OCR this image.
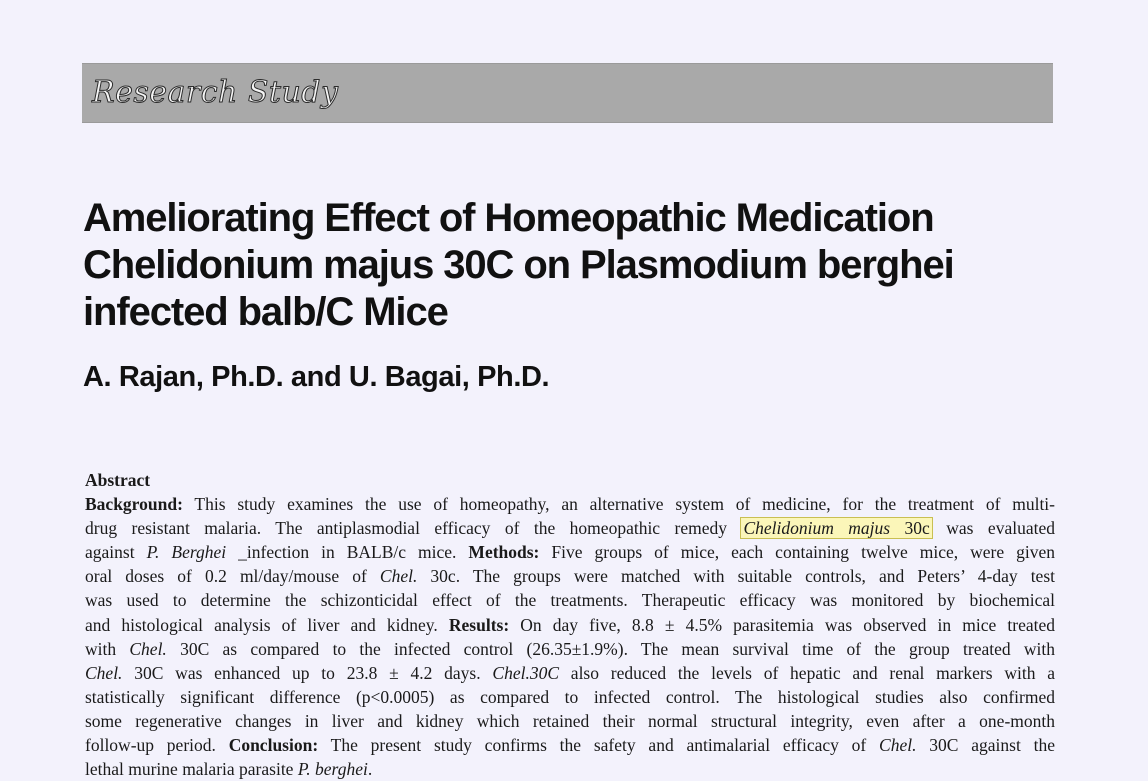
Research Study
Ameliorating Effect of Homeopathic Medication
Chelidonium majus 30C on Plasmodium berghei
infected balb/C Mice
A. Rajan, Ph.D. and U. Bagai, Ph.D.
Abstract
Background: This study examines the use of homeopathy, an alternative system of medicine, for the treatment of multi-
drug resistant malaria. The antiplasmodial efficacy of the homeopathic remedy Chelidonium majus 30c was evaluated
against P. Berghei _infection in BALB/c mice. Methods: Five groups of mice, each containing twelve mice, were given
oral doses of 0.2 ml/day/mouse of Chel. 30c. The groups were matched with suitable controls, and Peters’ 4-day test
was used to determine the schizonticidal effect of the treatments. Therapeutic efficacy was monitored by biochemical
and histological analysis of liver and kidney. Results: On day five, 8.8 ± 4.5% parasitemia was observed in mice treated
with Chel. 30C as compared to the infected control (26.35±1.9%). The mean survival time of the group treated with
Chel. 30C was enhanced up to 23.8 ± 4.2 days. Chel.30C also reduced the levels of hepatic and renal markers with a
statistically significant difference (p<0.0005) as compared to infected control. The histological studies also confirmed
some regenerative changes in liver and kidney which retained their normal structural integrity, even after a one-month
follow-up period. Conclusion: The present study confirms the safety and antimalarial efficacy of Chel. 30C against the
lethal murine malaria parasite P. berghei.
